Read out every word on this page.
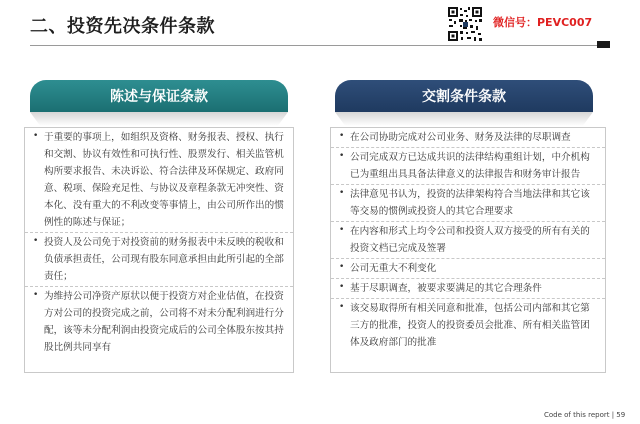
二、投资先决条件条款	微信号：PEVC007
陈述与保证条款
• 于重要的事项上，如组织及资格、财务报表、授权、执行和交割、协议有效性和可执行性、股票发行、相关监管机构所要求报告、未决诉讼、符合法律及环保规定、政府同意、税项、保险充足性、与协议及章程条款无冲突性、资本化、没有重大的不利改变等事情上，由公司所作出的惯例性的陈述与保证；
• 投资人及公司免于对投资前的财务报表中未反映的税收和负债承担责任，公司现有股东同意承担由此所引起的全部责任；
• 为维持公司净资产原状以便于投资方对企业估值，在投资方对公司的投资完成之前，公司将不对未分配利润进行分配，该等未分配利润由投资完成后的公司全体股东按其持股比例共同享有
交割条件条款
• 在公司协助完成对公司业务、财务及法律的尽职调查
• 公司完成双方已达成共识的法律结构重组计划，中介机构已为重组出具具备法律意义的法律报告和财务审计报告
• 法律意见书认为，投资的法律架构符合当地法律和其它该等交易的惯例或投资人的其它合理要求
• 在内容和形式上均令公司和投资人双方接受的所有有关的投资文档已完成及签署
• 公司无重大不利变化
• 基于尽职调查，被要求要满足的其它合理条件
• 该交易取得所有相关同意和批准，包括公司内部和其它第三方的批准，投资人的投资委员会批准、所有相关监管团体及政府部门的批准
Code of this report | 59
